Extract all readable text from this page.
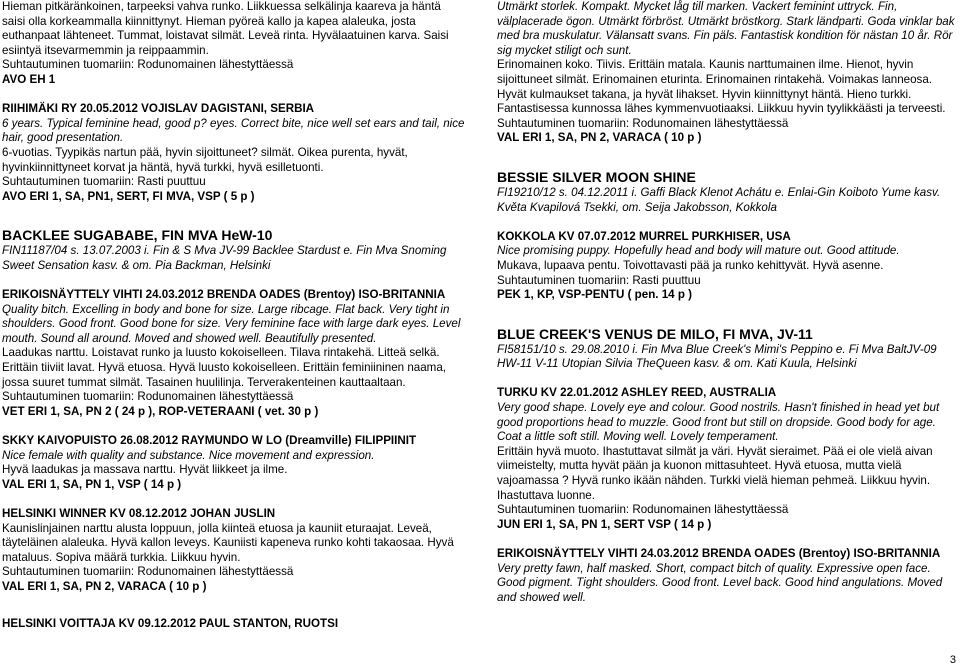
Hieman pitkäränkoinen, tarpeeksi vahva runko. Liikkuessa selkälinja kaareva ja häntä saisi olla korkeammalla kiinnittynyt. Hieman pyöreä kallo ja kapea alaleuka, josta euthanpaat lähteneet. Tummat, loistavat silmät. Leveä rinta. Hyvälaatuinen karva. Saisi esiintyä itsevarmemmin ja reippaammin.

Suhtautuminen tuomariin: Rodunomainen lähestyttäessä

AVO EH 1

RIIHIMÄKI RY 20.05.2012 VOJISLAV DAGISTANI, SERBIA

6 years. Typical feminine head, good p? eyes. Correct bite, nice well set ears and tail, nice hair, good presentation.

6-vuotias. Tyypikäs nartun pää, hyvin sijoittuneet? silmät. Oikea purenta, hyvät, hyvinkiinnittyneet korvat ja häntä, hyvä turkki, hyvä esilletuonti.

Suhtautuminen tuomariin: Rasti puuttuu

AVO ERI 1, SA, PN1, SERT, FI MVA, VSP ( 5 p )

BACKLEE SUGABABE, FIN MVA HeW-10

FIN11187/04 s. 13.07.2003 i. Fin & S Mva JV-99 Backlee Stardust e. Fin Mva Snoming Sweet Sensation kasv. & om. Pia Backman, Helsinki

ERIKOISNÄYTTELY VIHTI 24.03.2012 BRENDA OADES (Brentoy) ISO-BRITANNIA

Quality bitch. Excelling in body and bone for size. Large ribcage. Flat back. Very tight in shoulders. Good front. Good bone for size. Very feminine face with large dark eyes. Level mouth. Sound all around. Moved and showed well. Beautifully presented.

Laadukas narttu. Loistavat runko ja luusto kokoiselleen. Tilava rintakehä. Litteä selkä. Erittäin tiiviit lavat. Hyvä etuosa. Hyvä luusto kokoiselleen. Erittäin feminiininen naama, jossa suuret tummat silmät. Tasainen huulilinja. Terverakenteinen kauttaaltaan.

Suhtautuminen tuomariin: Rodunomainen lähestyttäessä

VET ERI 1, SA, PN 2 ( 24 p ), ROP-VETERAANI ( vet. 30 p )

SKKY KAIVOPUISTO 26.08.2012 RAYMUNDO W LO (Dreamville) FILIPPIINIT

Nice female with quality and substance. Nice movement and expression.

Hyvä laadukas ja massava narttu. Hyvät liikkeet ja ilme.

VAL ERI 1, SA, PN 1, VSP ( 14 p )

HELSINKI WINNER KV 08.12.2012 JOHAN JUSLIN

Kaunislinjainen narttu alusta loppuun, jolla kiinteä etuosa ja kauniit eturaajat. Leveä, täyteläinen alaleuka. Hyvä kallon leveys. Kauniisti kapeneva runko kohti takaosaa. Hyvä mataluus. Sopiva määrä turkkia. Liikkuu hyvin.

Suhtautuminen tuomariin: Rodunomainen lähestyttäessä

VAL ERI 1, SA, PN 2, VARACA ( 10 p )

HELSINKI VOITTAJA KV 09.12.2012 PAUL STANTON, RUOTSI

Utmärkt storlek. Kompakt. Mycket låg till marken. Vackert feminint uttryck. Fin, välplacerade ögon. Utmärkt förbröst. Utmärkt bröstkorg. Stark ländparti. Goda vinklar bak med bra muskulatur. Välansatt svans. Fin päls. Fantastisk kondition för nästan 10 år. Rör sig mycket stiligt och sunt.

Erinomainen koko. Tiivis. Erittäin matala. Kaunis narttumainen ilme. Hienot, hyvin sijoittuneet silmät. Erinomainen eturinta. Erinomainen rintakehä. Voimakas lanneosa. Hyvät kulmaukset takana, ja hyvät lihakset. Hyvin kiinnittynyt häntä. Hieno turkki. Fantastisessa kunnossa lähes kymmenvuotiaaksi. Liikkuu hyvin tyylikkäästi ja terveesti.

Suhtautuminen tuomariin: Rodunomainen lähestyttäessä

VAL ERI 1, SA, PN 2, VARACA ( 10 p )

BESSIE SILVER MOON SHINE

FI19210/12 s. 04.12.2011 i. Gaffi Black Klenot Achátu e. Enlai-Gin Koiboto Yume kasv. Květa Kvapilová Tsekki, om. Seija Jakobsson, Kokkola

KOKKOLA KV 07.07.2012 MURREL PURKHISER, USA

Nice promising puppy. Hopefully head and body will mature out. Good attitude.

Mukava, lupaava pentu. Toivottavasti pää ja runko kehittyvät. Hyvä asenne.

Suhtautuminen tuomariin: Rasti puuttuu

PEK 1, KP, VSP-PENTU ( pen. 14 p )

BLUE CREEK'S VENUS DE MILO, FI MVA, JV-11

FI58151/10 s. 29.08.2010 i. Fin Mva Blue Creek's Mimi's Peppino e. Fi Mva BaltJV-09 HW-11 V-11 Utopian Silvia TheQueen kasv. & om. Kati Kuula, Helsinki

TURKU KV 22.01.2012 ASHLEY REED, AUSTRALIA

Very good shape. Lovely eye and colour. Good nostrils. Hasn't finished in head yet but good proportions head to muzzle. Good front but still on dropside. Good body for age. Coat a little soft still. Moving well. Lovely temperament.

Erittäin hyvä muoto. Ihastuttavat silmät ja väri. Hyvät sieraimet. Pää ei ole vielä aivan viimeistelty, mutta hyvät pään ja kuonon mittasuhteet. Hyvä etuosa, mutta vielä vajoamassa ? Hyvä runko ikään nähden. Turkki vielä hieman pehmeä. Liikkuu hyvin. Ihastuttava luonne.

Suhtautuminen tuomariin: Rodunomainen lähestyttäessä

JUN ERI 1, SA, PN 1, SERT VSP ( 14 p )

ERIKOISNÄYTTELY VIHTI 24.03.2012 BRENDA OADES (Brentoy) ISO-BRITANNIA

Very pretty fawn, half masked. Short, compact bitch of quality. Expressive open face. Good pigment. Tight shoulders. Good front. Level back. Good hind angulations. Moved and showed well.

3
